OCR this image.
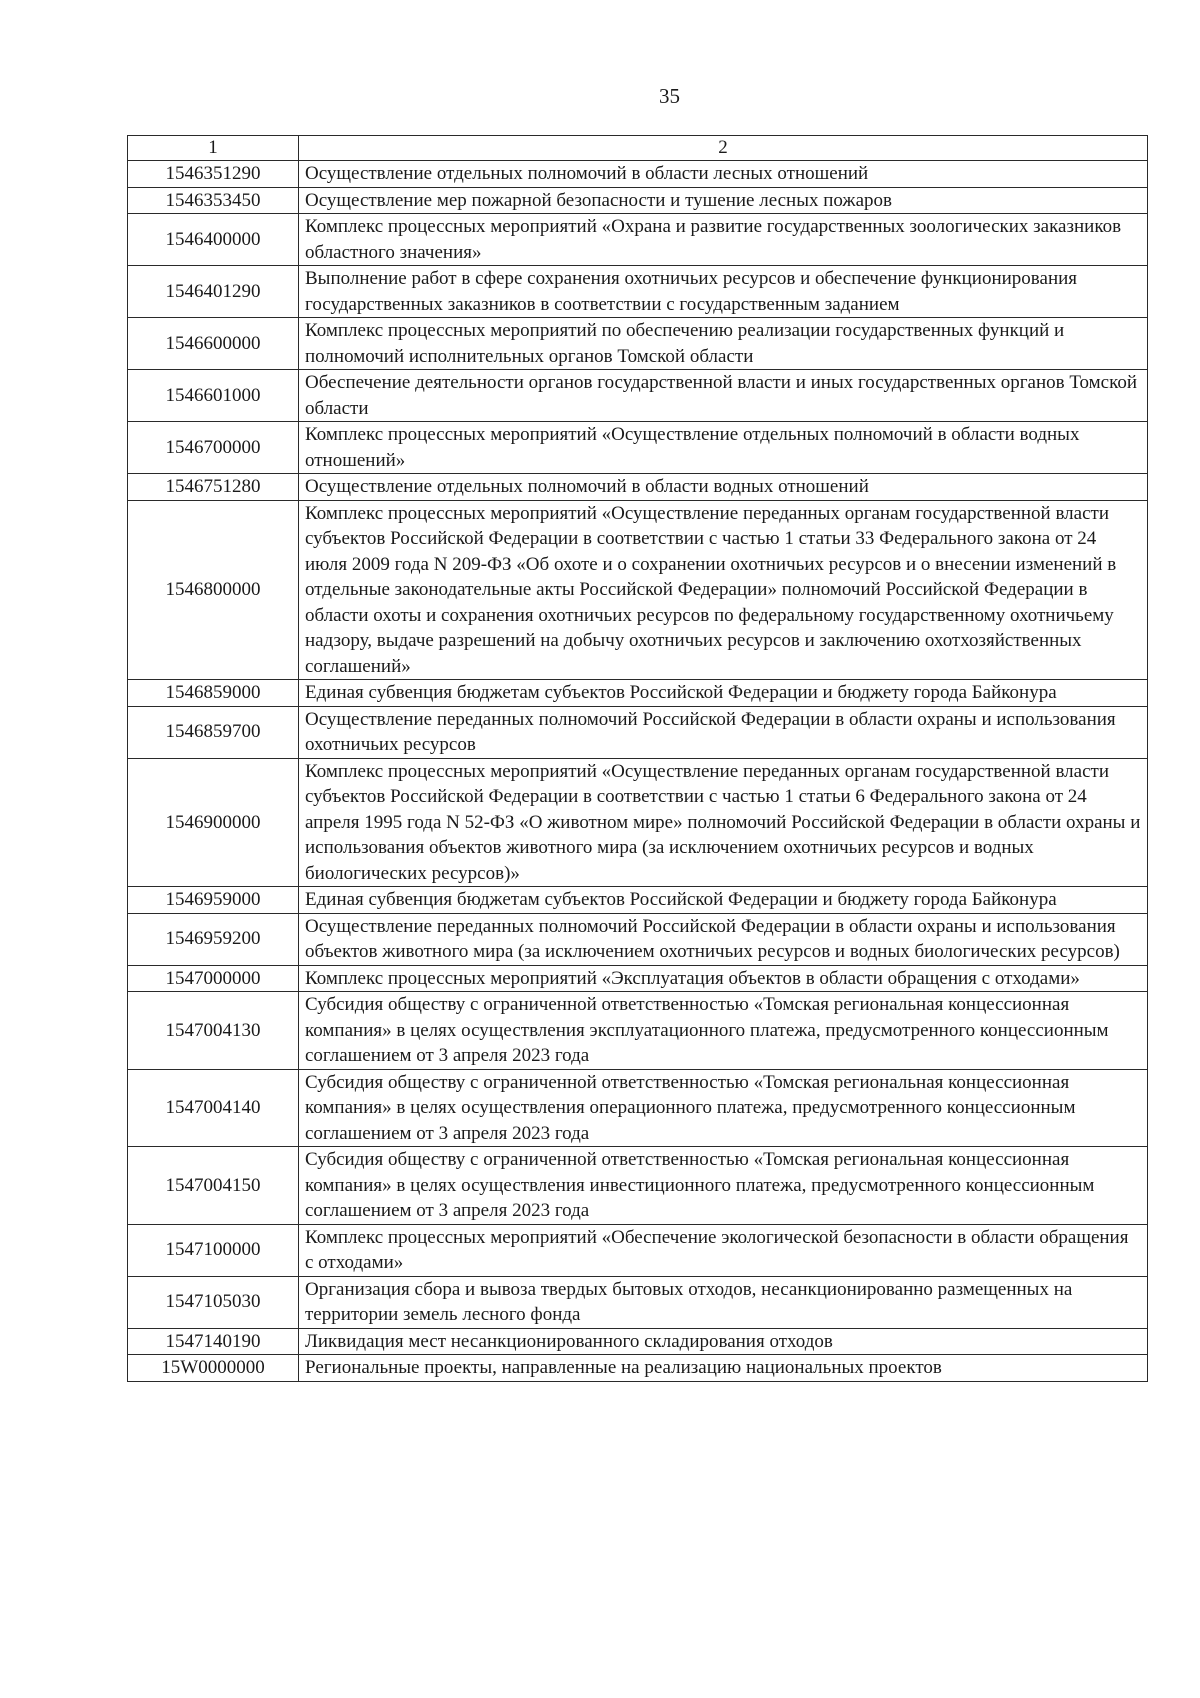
35
1	2
1546351290	Осуществление отдельных полномочий в области лесных отношений
1546353450	Осуществление мер пожарной безопасности и тушение лесных пожаров
1546400000	Комплекс процессных мероприятий «Охрана и развитие государственных зоологических заказников областного значения»
1546401290	Выполнение работ в сфере сохранения охотничьих ресурсов и обеспечение функционирования государственных заказников в соответствии с государственным заданием
1546600000	Комплекс процессных мероприятий по обеспечению реализации государственных функций и полномочий исполнительных органов Томской области
1546601000	Обеспечение деятельности органов государственной власти и иных государственных органов Томской области
1546700000	Комплекс процессных мероприятий «Осуществление отдельных полномочий в области водных отношений»
1546751280	Осуществление отдельных полномочий в области водных отношений
1546800000	Комплекс процессных мероприятий «Осуществление переданных органам государственной власти субъектов Российской Федерации в соответствии с частью 1 статьи 33 Федерального закона от 24 июля 2009 года N 209-ФЗ «Об охоте и о сохранении охотничьих ресурсов и о внесении изменений в отдельные законодательные акты Российской Федерации» полномочий Российской Федерации в области охоты и сохранения охотничьих ресурсов по федеральному государственному охотничьему надзору, выдаче разрешений на добычу охотничьих ресурсов и заключению охотхозяйственных соглашений»
1546859000	Единая субвенция бюджетам субъектов Российской Федерации и бюджету города Байконура
1546859700	Осуществление переданных полномочий Российской Федерации в области охраны и использования охотничьих ресурсов
1546900000	Комплекс процессных мероприятий «Осуществление переданных органам государственной власти субъектов Российской Федерации в соответствии с частью 1 статьи 6 Федерального закона от 24 апреля 1995 года N 52-ФЗ «О животном мире» полномочий Российской Федерации в области охраны и использования объектов животного мира (за исключением охотничьих ресурсов и водных биологических ресурсов)»
1546959000	Единая субвенция бюджетам субъектов Российской Федерации и бюджету города Байконура
1546959200	Осуществление переданных полномочий Российской Федерации в области охраны и использования объектов животного мира (за исключением охотничьих ресурсов и водных биологических ресурсов)
1547000000	Комплекс процессных мероприятий «Эксплуатация объектов в области обращения с отходами»
1547004130	Субсидия обществу с ограниченной ответственностью «Томская региональная концессионная компания» в целях осуществления эксплуатационного платежа, предусмотренного концессионным соглашением от 3 апреля 2023 года
1547004140	Субсидия обществу с ограниченной ответственностью «Томская региональная концессионная компания» в целях осуществления операционного платежа, предусмотренного концессионным соглашением от 3 апреля 2023 года
1547004150	Субсидия обществу с ограниченной ответственностью «Томская региональная концессионная компания» в целях осуществления инвестиционного платежа, предусмотренного концессионным соглашением от 3 апреля 2023 года
1547100000	Комплекс процессных мероприятий «Обеспечение экологической безопасности в области обращения с отходами»
1547105030	Организация сбора и вывоза твердых бытовых отходов, несанкционированно размещенных на территории земель лесного фонда
1547140190	Ликвидация мест несанкционированного складирования отходов
15W0000000	Региональные проекты, направленные на реализацию национальных проектов
